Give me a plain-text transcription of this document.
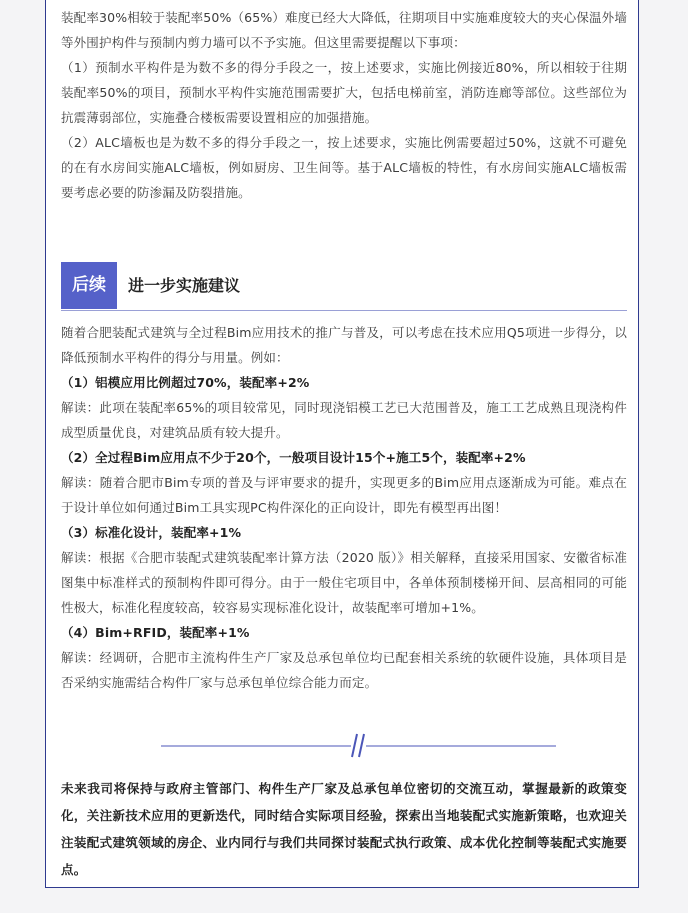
装配率30%相较于装配率50%（65%）难度已经大大降低，往期项目中实施难度较大的夹心保温外墙等外围护构件与预制内剪力墙可以不予实施。但这里需要提醒以下事项：

（1）预制水平构件是为数不多的得分手段之一，按上述要求，实施比例接近80%，所以相较于往期装配率50%的项目，预制水平构件实施范围需要扩大，包括电梯前室，消防连廊等部位。这些部位为抗震薄弱部位，实施叠合楼板需要设置相应的加强措施。

（2）ALC墙板也是为数不多的得分手段之一，按上述要求，实施比例需要超过50%，这就不可避免的在有水房间实施ALC墙板，例如厨房、卫生间等。基于ALC墙板的特性，有水房间实施ALC墙板需要考虑必要的防渗漏及防裂措施。

后续	进一步实施建议

随着合肥装配式建筑与全过程Bim应用技术的推广与普及，可以考虑在技术应用Q5项进一步得分，以降低预制水平构件的得分与用量。例如：

（1）铝模应用比例超过70%，装配率+2%

解读：此项在装配率65%的项目较常见，同时现浇铝模工艺已大范围普及，施工工艺成熟且现浇构件成型质量优良，对建筑品质有较大提升。

（2）全过程Bim应用点不少于20个，一般项目设计15个+施工5个，装配率+2%

解读：随着合肥市Bim专项的普及与评审要求的提升，实现更多的Bim应用点逐渐成为可能。难点在于设计单位如何通过Bim工具实现PC构件深化的正向设计，即先有模型再出图！

（3）标准化设计，装配率+1%

解读：根据《合肥市装配式建筑装配率计算方法（2020 版）》相关解释，直接采用国家、安徽省标准图集中标准样式的预制构件即可得分。由于一般住宅项目中，各单体预制楼梯开间、层高相同的可能性极大，标准化程度较高，较容易实现标准化设计，故装配率可增加+1%。

（4）Bim+RFID，装配率+1%

解读：经调研，合肥市主流构件生产厂家及总承包单位均已配套相关系统的软硬件设施，具体项目是否采纳实施需结合构件厂家与总承包单位综合能力而定。

未来我司将保持与政府主管部门、构件生产厂家及总承包单位密切的交流互动，掌握最新的政策变化，关注新技术应用的更新迭代，同时结合实际项目经验，探索出当地装配式实施新策略，也欢迎关注装配式建筑领域的房企、业内同行与我们共同探讨装配式执行政策、成本优化控制等装配式实施要点。
